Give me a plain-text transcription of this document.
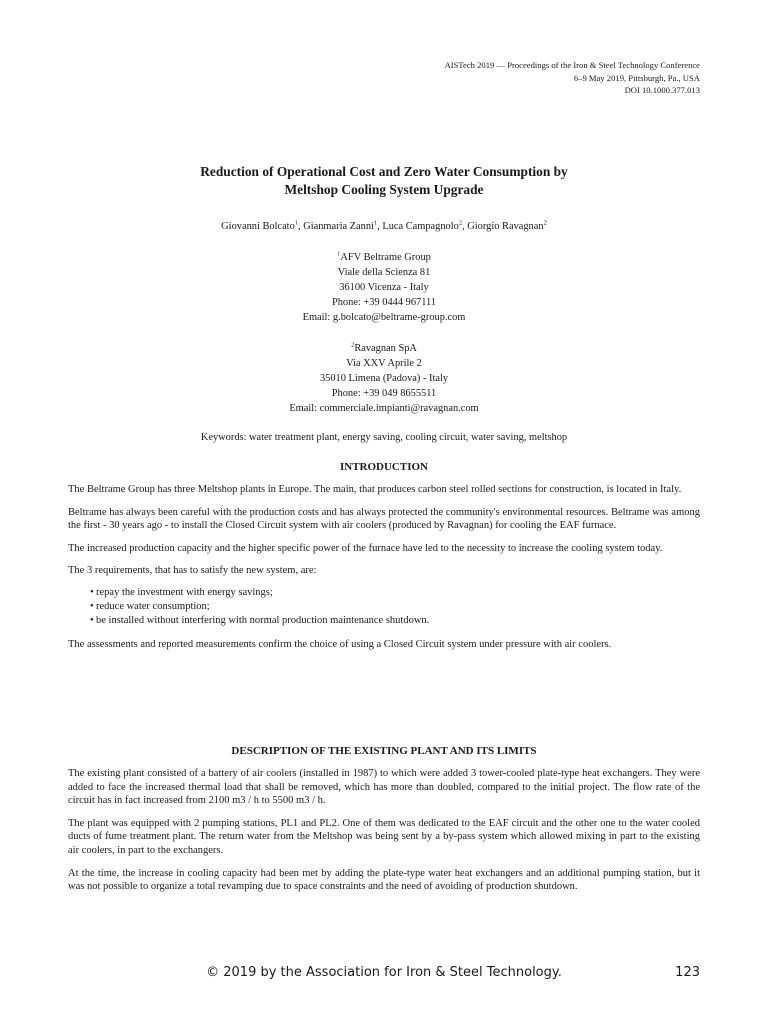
AISTech 2019 — Proceedings of the Iron & Steel Technology Conference
6–9 May 2019, Pittsburgh, Pa., USA
DOI 10.1000.377.013
Reduction of Operational Cost and Zero Water Consumption by
Meltshop Cooling System Upgrade
Giovanni Bolcato$^1$, Gianmaria Zanni$^1$, Luca Campagnolo$^2$, Giorgio Ravagnan$^2$
$^1$AFV Beltrame Group
Viale della Scienza 81
36100 Vicenza - Italy
Phone: +39 0444 967111
Email: g.bolcato@beltrame-group.com
$^2$Ravagnan SpA
Via XXV Aprile 2
35010 Limena (Padova) - Italy
Phone: +39 049 8655511
Email: commerciale.impianti@ravagnan.com
Keywords: water treatment plant, energy saving, cooling circuit, water saving, meltshop
INTRODUCTION

The Beltrame Group has three Meltshop plants in Europe. The main, that produces carbon steel rolled sections for construction, is located in Italy.

Beltrame has always been careful with the production costs and has always protected the community's environmental resources. Beltrame was among the first - 30 years ago - to install the Closed Circuit system with air coolers (produced by Ravagnan) for cooling the EAF furnace.

The increased production capacity and the higher specific power of the furnace have led to the necessity to increase the cooling system today.

The 3 requirements, that has to satisfy the new system, are:

• repay the investment with energy savings;
• reduce water consumption;
• be installed without interfering with normal production maintenance shutdown.

The assessments and reported measurements confirm the choice of using a Closed Circuit system under pressure with air coolers.

DESCRIPTION OF THE EXISTING PLANT AND ITS LIMITS

The existing plant consisted of a battery of air coolers (installed in 1987) to which were added 3 tower-cooled plate-type heat exchangers. They were added to face the increased thermal load that shall be removed, which has more than doubled, compared to the initial project. The flow rate of the circuit has in fact increased from 2100 m3 / h to 5500 m3 / h.

The plant was equipped with 2 pumping stations, PL1 and PL2. One of them was dedicated to the EAF circuit and the other one to the water cooled ducts of fume treatment plant. The return water from the Meltshop was being sent by a by-pass system which allowed mixing in part to the existing air coolers, in part to the exchangers.

At the time, the increase in cooling capacity had been met by adding the plate-type water heat exchangers and an additional pumping station, but it was not possible to organize a total revamping due to space constraints and the need of avoiding of production shutdown.

© 2019 by the Association for Iron & Steel Technology.	123
